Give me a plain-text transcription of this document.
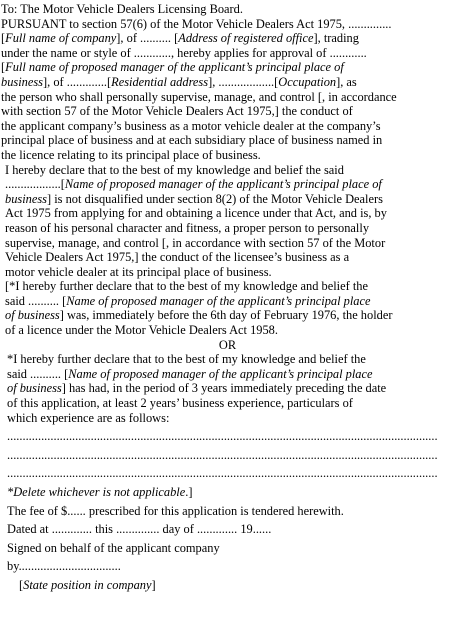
To: The Motor Vehicle Dealers Licensing Board.
PURSUANT to section 57(6) of the Motor Vehicle Dealers Act 1975, ..............
[Full name of company], of .......... [Address of registered office], trading
under the name or style of ............, hereby applies for approval of ............
[Full name of proposed manager of the applicant’s principal place of
business], of .............[Residential address], ..................[Occupation], as
the person who shall personally supervise, manage, and control [, in accordance
with section 57 of the Motor Vehicle Dealers Act 1975,] the conduct of
the applicant company’s business as a motor vehicle dealer at the company’s
principal place of business and at each subsidiary place of business named in
the licence relating to its principal place of business.
I hereby declare that to the best of my knowledge and belief the said
..................[Name of proposed manager of the applicant’s principal place of
business] is not disqualified under section 8(2) of the Motor Vehicle Dealers
Act 1975 from applying for and obtaining a licence under that Act, and is, by
reason of his personal character and fitness, a proper person to personally
supervise, manage, and control [, in accordance with section 57 of the Motor
Vehicle Dealers Act 1975,] the conduct of the licensee’s business as a
motor vehicle dealer at its principal place of business.
[*I hereby further declare that to the best of my knowledge and belief the
said .......... [Name of proposed manager of the applicant’s principal place
of business] was, immediately before the 6th day of February 1976, the holder
of a licence under the Motor Vehicle Dealers Act 1958.
OR
*I hereby further declare that to the best of my knowledge and belief the
said .......... [Name of proposed manager of the applicant’s principal place
of business] has had, in the period of 3 years immediately preceding the date
of this application, at least 2 years’ business experience, particulars of
which experience are as follows:
...........................................................................................................................................
...........................................................................................................................................
...........................................................................................................................................
*Delete whichever is not applicable.]
The fee of $...... prescribed for this application is tendered herewith.
Dated at ............. this .............. day of ............. 19......
Signed on behalf of the applicant company
by.................................
[State position in company]
